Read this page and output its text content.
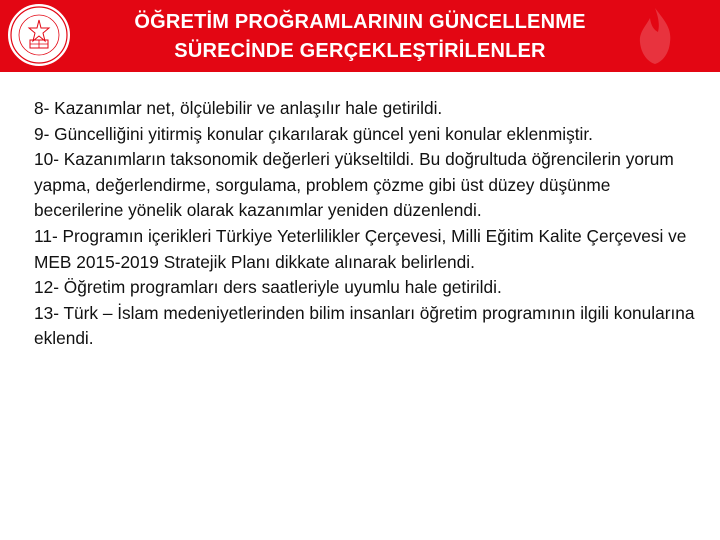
ÖĞRETİM PROĞRAMLARININ GÜNCELLENME
SÜRECİNDE GERÇEKLEŞTİRİLENLER

8- Kazanımlar net, ölçülebilir ve anlaşılır hale getirildi.

9- Güncelliğini yitirmiş konular çıkarılarak güncel yeni konular eklenmiştir.

10- Kazanımların taksonomik değerleri yükseltildi. Bu doğrultuda öğrencilerin yorum yapma, değerlendirme, sorgulama, problem çözme gibi üst düzey düşünme becerilerine yönelik olarak kazanımlar yeniden düzenlendi.

11- Programın içerikleri Türkiye Yeterlilikler Çerçevesi, Milli Eğitim Kalite Çerçevesi ve MEB 2015-2019 Stratejik Planı dikkate alınarak belirlendi.

12- Öğretim programları ders saatleriyle uyumlu hale getirildi.

13- Türk – İslam medeniyetlerinden bilim insanları öğretim programının ilgili konularına eklendi.
